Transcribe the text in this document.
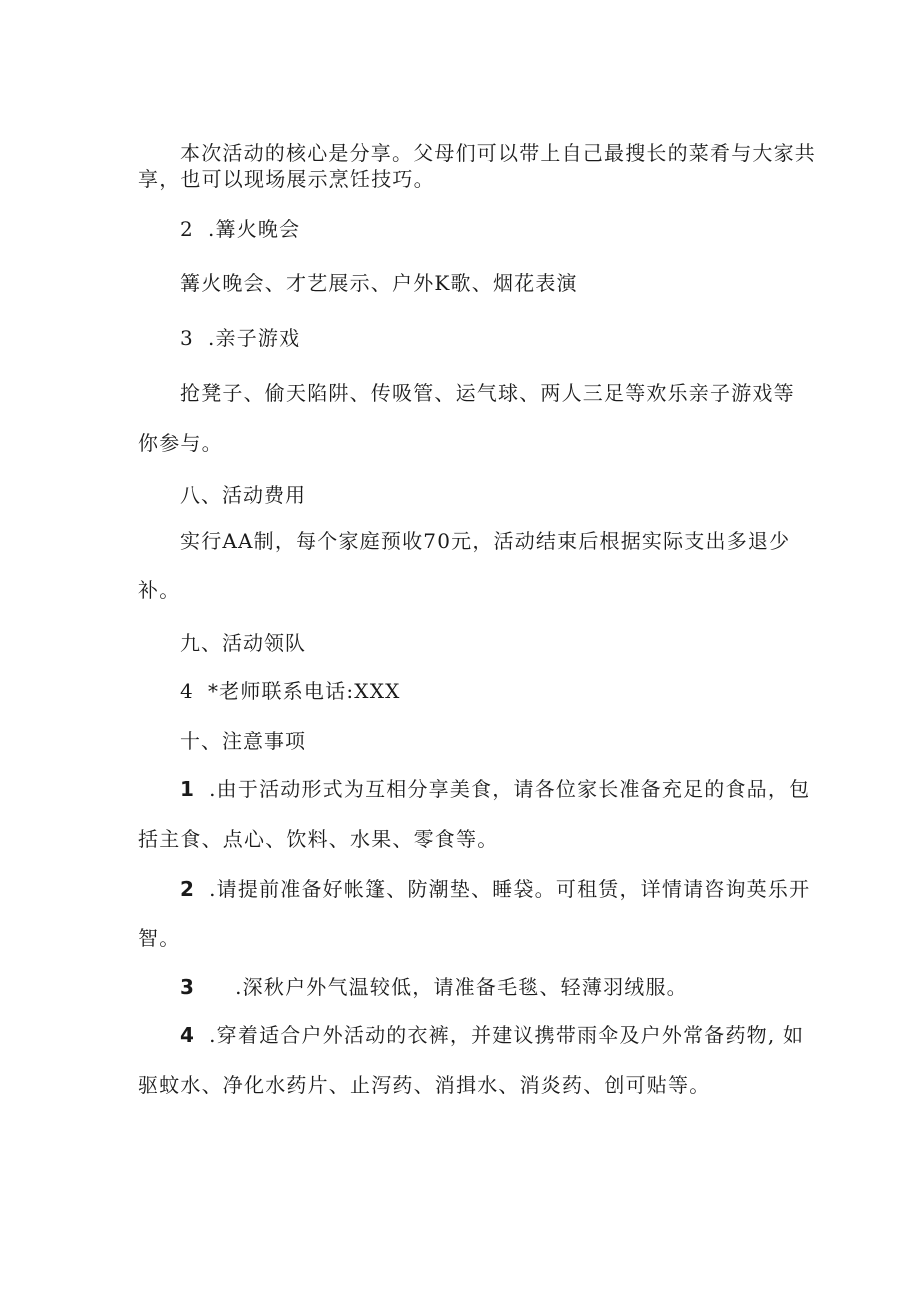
本次活动的核心是分享。父母们可以带上自己最搜长的菜肴与大家共
享，也可以现场展示烹饪技巧。
2 .篝火晚会
篝火晚会、才艺展示、户外K歌、烟花表演
3 .亲子游戏
抢凳子、偷天陷阱、传吸管、运气球、两人三足等欢乐亲子游戏等
你参与。
八、活动费用
实行AA制，每个家庭预收70元，活动结束后根据实际支出多退少
补。
九、活动领队
4 *老师联系电话:XXX
十、注意事项
1 .由于活动形式为互相分享美食，请各位家长准备充足的食品，包
括主食、点心、饮料、水果、零食等。
2 .请提前准备好帐篷、防潮垫、睡袋。可租赁，详情请咨询英乐开
智。
3 .深秋户外气温较低，请准备毛毯、轻薄羽绒服。
4 .穿着适合户外活动的衣裤，并建议携带雨伞及户外常备药物, 如
驱蚊水、净化水药片、止泻药、消揖水、消炎药、创可贴等。
